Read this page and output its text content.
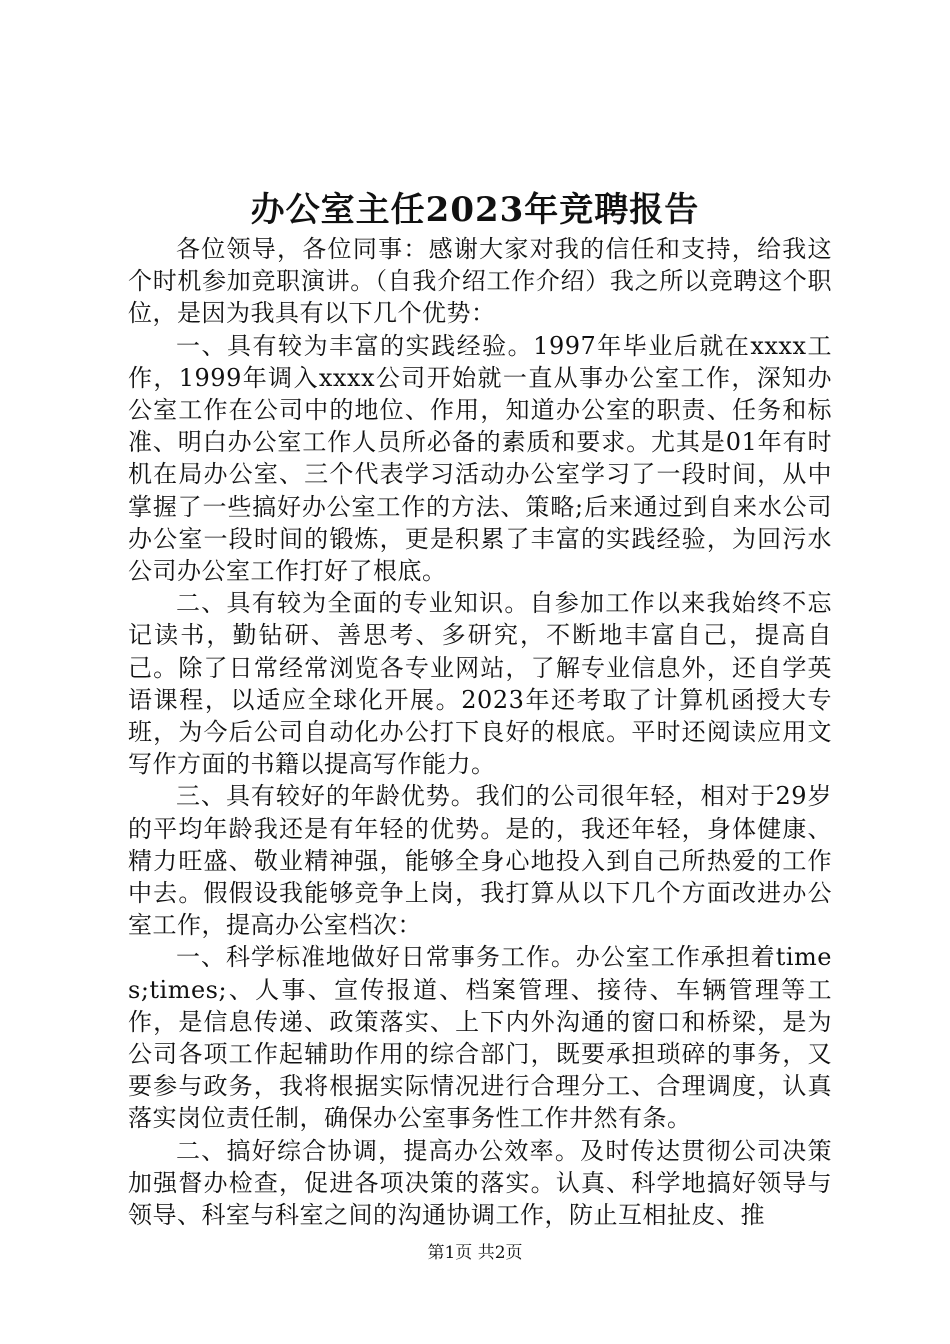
办公室主任2023年竞聘报告

各位领导，各位同事：感谢大家对我的信任和支持，给我这个时机参加竞职演讲。（自我介绍工作介绍）我之所以竞聘这个职位，是因为我具有以下几个优势：

一、具有较为丰富的实践经验。1997年毕业后就在xxxx工作，1999年调入xxxx公司开始就一直从事办公室工作，深知办公室工作在公司中的地位、作用，知道办公室的职责、任务和标准、明白办公室工作人员所必备的素质和要求。尤其是01年有时机在局办公室、三个代表学习活动办公室学习了一段时间，从中掌握了一些搞好办公室工作的方法、策略;后来通过到自来水公司办公室一段时间的锻炼，更是积累了丰富的实践经验，为回污水公司办公室工作打好了根底。

二、具有较为全面的专业知识。自参加工作以来我始终不忘记读书，勤钻研、善思考、多研究，不断地丰富自己，提高自己。除了日常经常浏览各专业网站，了解专业信息外，还自学英语课程，以适应全球化开展。2023年还考取了计算机函授大专班，为今后公司自动化办公打下良好的根底。平时还阅读应用文写作方面的书籍以提高写作能力。

三、具有较好的年龄优势。我们的公司很年轻，相对于29岁的平均年龄我还是有年轻的优势。是的，我还年轻，身体健康、精力旺盛、敬业精神强，能够全身心地投入到自己所热爱的工作中去。假假设我能够竞争上岗，我打算从以下几个方面改进办公室工作，提高办公室档次：

一、科学标准地做好日常事务工作。办公室工作承担着times;times;、人事、宣传报道、档案管理、接待、车辆管理等工作，是信息传递、政策落实、上下内外沟通的窗口和桥梁，是为公司各项工作起辅助作用的综合部门，既要承担琐碎的事务，又要参与政务，我将根据实际情况进行合理分工、合理调度，认真落实岗位责任制，确保办公室事务性工作井然有条。

二、搞好综合协调，提高办公效率。及时传达贯彻公司决策加强督办检查，促进各项决策的落实。认真、科学地搞好领导与领导、科室与科室之间的沟通协调工作，防止互相扯皮、推

第1页 共2页
